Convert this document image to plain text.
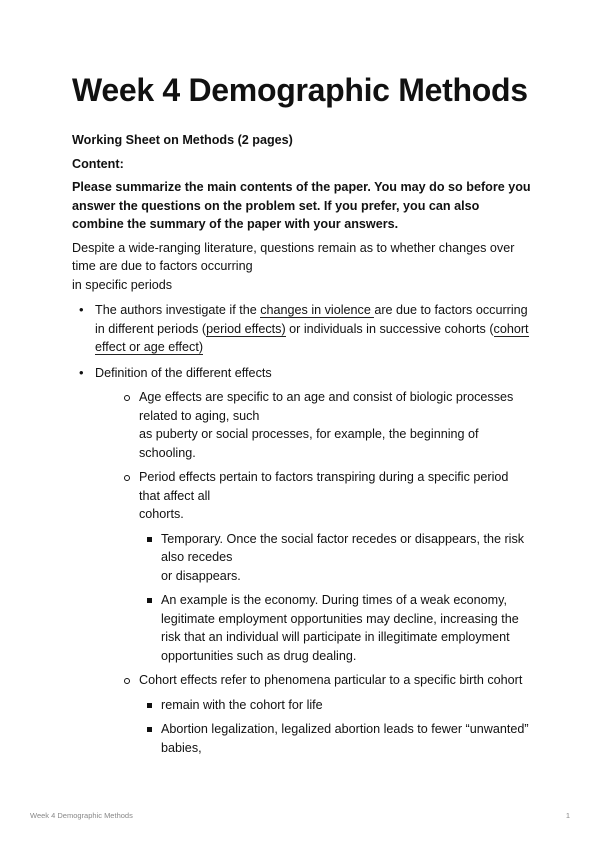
Week 4 Demographic Methods

Working Sheet on Methods (2 pages)

Content:

Please summarize the main contents of the paper. You may do so before you answer the questions on the problem set. If you prefer, you can also combine the summary of the paper with your answers.

Despite a wide-ranging literature, questions remain as to whether changes over time are due to factors occurring

in specific periods

• The authors investigate if the changes in violence are due to factors occurring in different periods (period effects) or individuals in successive cohorts (cohort effect or age effect)
• Definition of the different effects
Age effects are specific to an age and consist of biologic processes related to aging, such
as puberty or social processes, for example, the beginning of schooling.
Period effects pertain to factors transpiring during a specific period that affect all
cohorts.
Temporary. Once the social factor recedes or disappears, the risk also recedes
or disappears.
An example is the economy. During times of a weak economy, legitimate employment opportunities may decline, increasing the risk that an individual will participate in illegitimate employment opportunities such as drug dealing.
Cohort effects refer to phenomena particular to a specific birth cohort
remain with the cohort for life
Abortion legalization, legalized abortion leads to fewer “unwanted” babies,
Week 4 Demographic Methods	1
